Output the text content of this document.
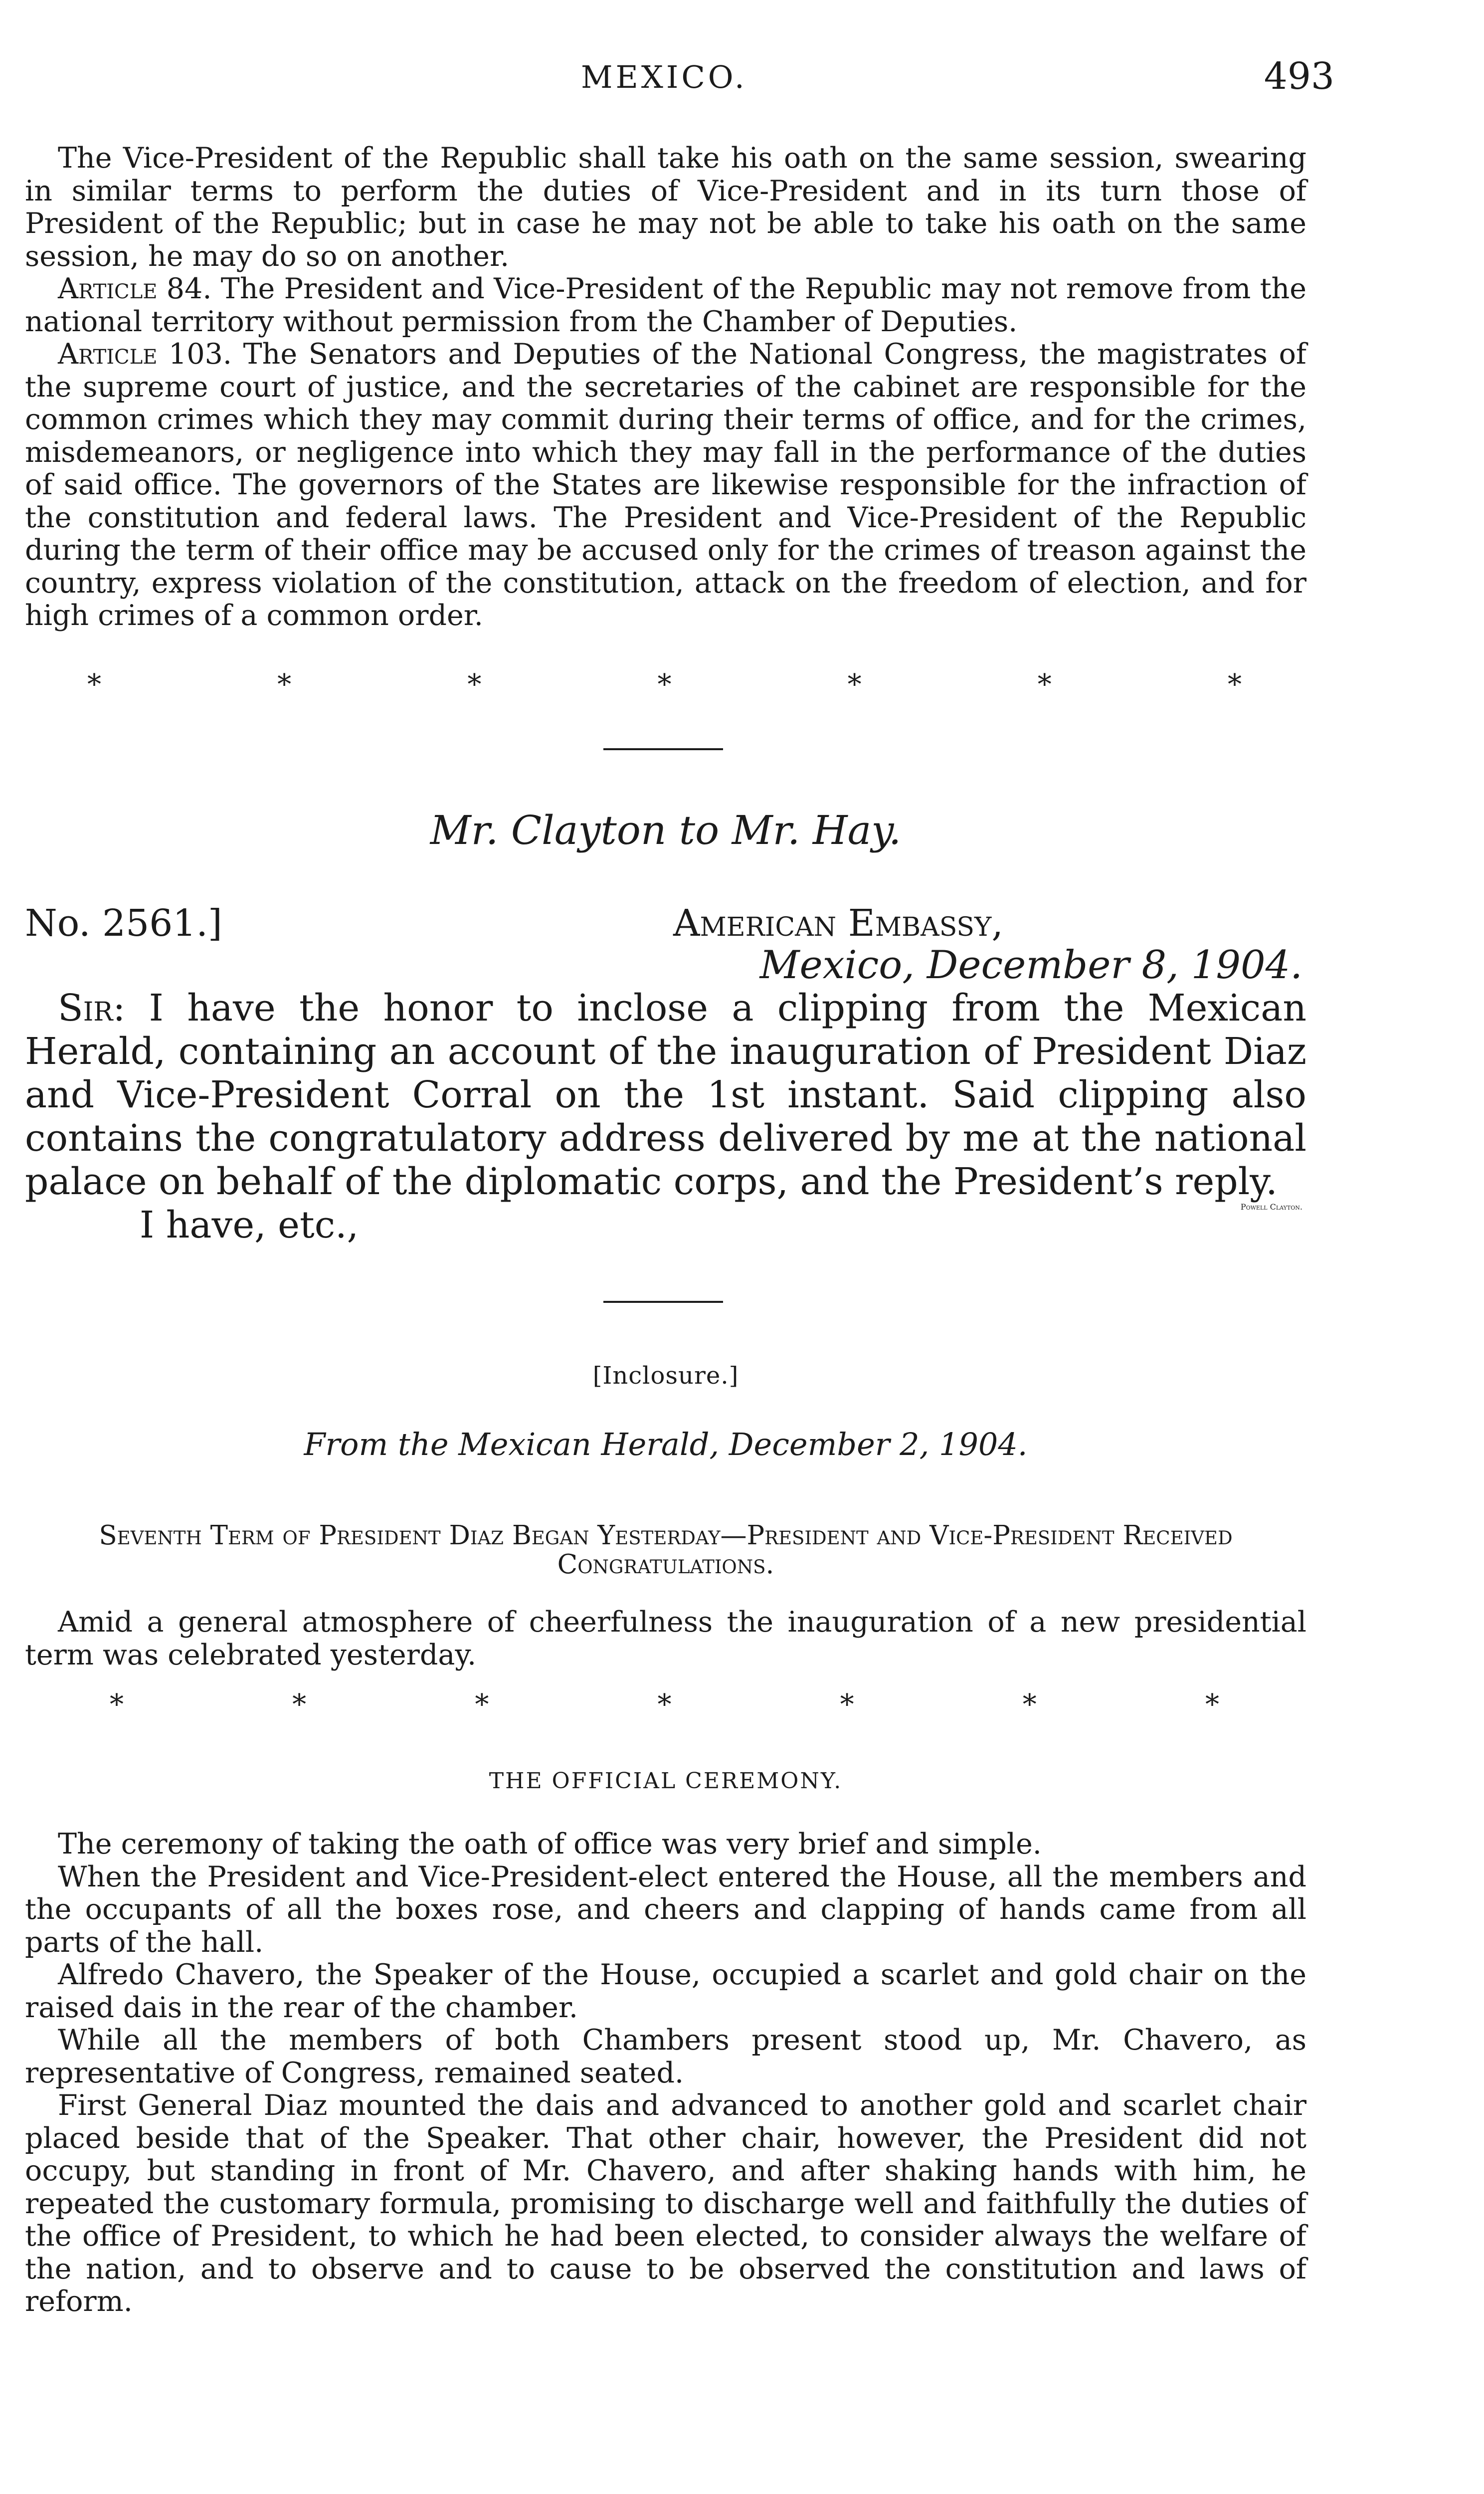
MEXICO.	493

The Vice-President of the Republic shall take his oath on the same session, swearing in similar terms to perform the duties of Vice-President and in its turn those of President of the Republic; but in case he may not be able to take his oath on the same session, he may do so on another.

Article 84. The President and Vice-President of the Republic may not remove from the national territory without permission from the Chamber of Deputies.

Article 103. The Senators and Deputies of the National Congress, the magistrates of the supreme court of justice, and the secretaries of the cabinet are responsible for the common crimes which they may commit during their terms of office, and for the crimes, misdemeanors, or negligence into which they may fall in the performance of the duties of said office. The governors of the States are likewise responsible for the infraction of the constitution and federal laws. The President and Vice-President of the Republic during the term of their office may be accused only for the crimes of treason against the country, express violation of the constitution, attack on the freedom of election, and for high crimes of a common order.

*	*	*	*	*	*	*
Mr. Clayton to Mr. Hay.
No. 2561.]	American Embassy,
Mexico, December 8, 1904.

Sir: I have the honor to inclose a clipping from the Mexican Herald, containing an account of the inauguration of President Diaz and Vice-President Corral on the 1st instant. Said clipping also contains the congratulatory address delivered by me at the national palace on behalf of the diplomatic corps, and the President’s reply.

I have, etc.,	Powell Clayton.
[Inclosure.]
From the Mexican Herald, December 2, 1904.
Seventh Term of President Diaz Began Yesterday—President and Vice-President Received Congratulations.

Amid a general atmosphere of cheerfulness the inauguration of a new presidential term was celebrated yesterday.

*	*	*	*	*	*	*
THE OFFICIAL CEREMONY.

The ceremony of taking the oath of office was very brief and simple.

When the President and Vice-President-elect entered the House, all the members and the occupants of all the boxes rose, and cheers and clapping of hands came from all parts of the hall.

Alfredo Chavero, the Speaker of the House, occupied a scarlet and gold chair on the raised dais in the rear of the chamber.

While all the members of both Chambers present stood up, Mr. Chavero, as representative of Congress, remained seated.

First General Diaz mounted the dais and advanced to another gold and scarlet chair placed beside that of the Speaker. That other chair, however, the President did not occupy, but standing in front of Mr. Chavero, and after shaking hands with him, he repeated the customary formula, promising to discharge well and faithfully the duties of the office of President, to which he had been elected, to consider always the welfare of the nation, and to observe and to cause to be observed the constitution and laws of reform.
